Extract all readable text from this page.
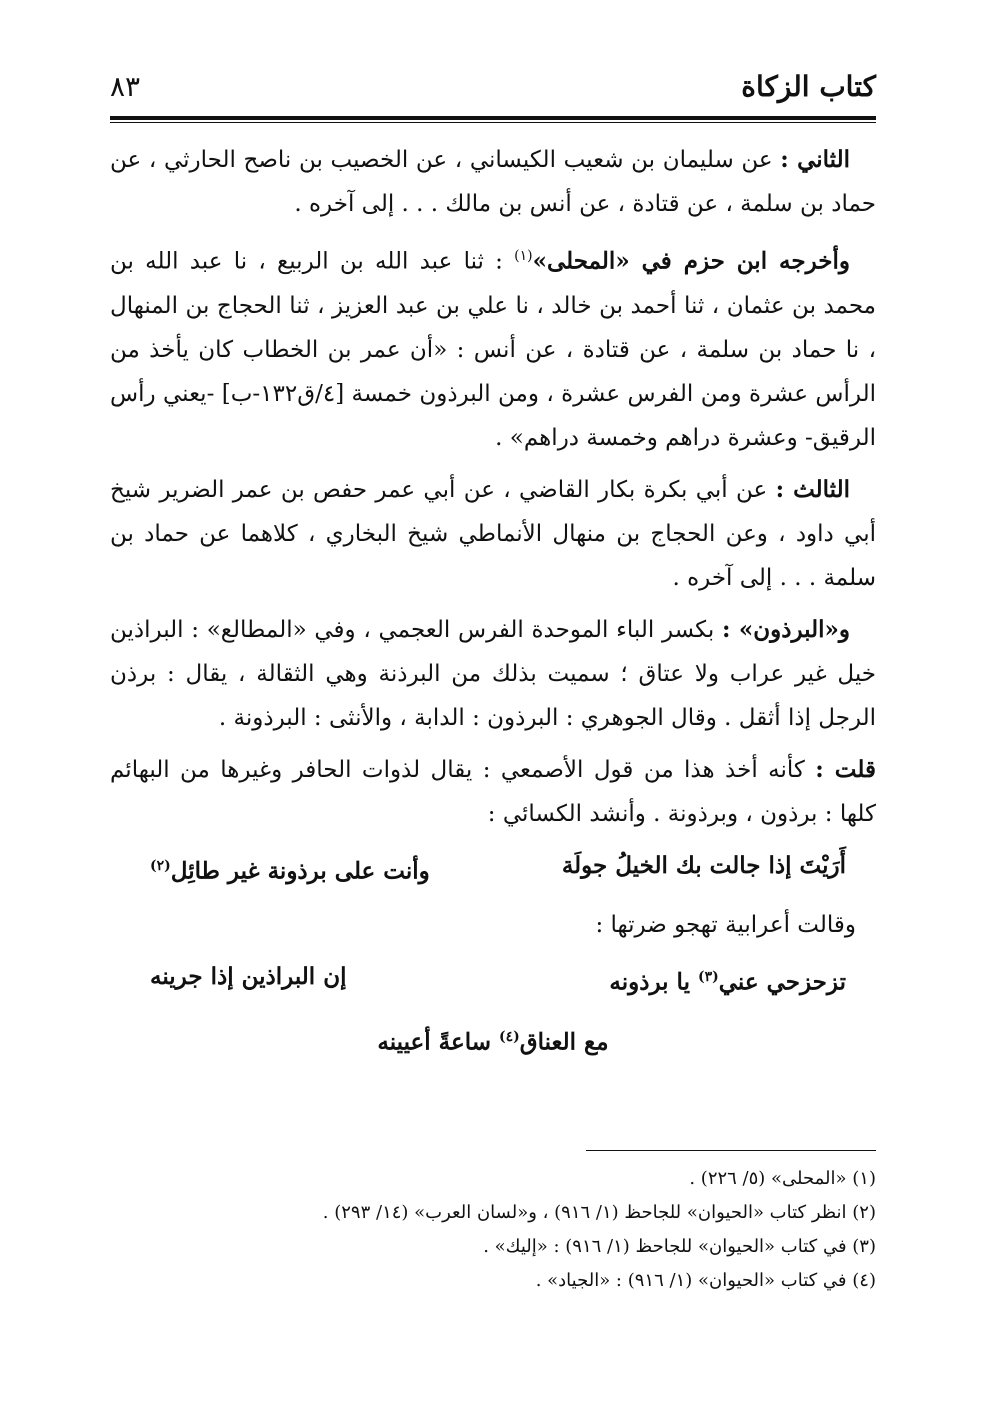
كتاب الزكاة
٨٣

الثاني : عن سليمان بن شعيب الكيساني ، عن الخصيب بن ناصح الحارثي ، عن حماد بن سلمة ، عن قتادة ، عن أنس بن مالك . . . إلى آخره .

وأخرجه ابن حزم في «المحلى»$^{(١)}$ : ثنا عبد الله بن الربيع ، نا عبد الله بن محمد بن عثمان ، ثنا أحمد بن خالد ، نا علي بن عبد العزيز ، ثنا الحجاج بن المنهال ، نا حماد بن سلمة ، عن قتادة ، عن أنس : «أن عمر بن الخطاب كان يأخذ من الرأس عشرة ومن الفرس عشرة ، ومن البرذون خمسة [٤/ق١٣٢-ب] -يعني رأس الرقيق- وعشرة دراهم وخمسة دراهم» .

الثالث : عن أبي بكرة بكار القاضي ، عن أبي عمر حفص بن عمر الضرير شيخ أبي داود ، وعن الحجاج بن منهال الأنماطي شيخ البخاري ، كلاهما عن حماد بن سلمة . . . إلى آخره .

و«البرذون» : بكسر الباء الموحدة الفرس العجمي ، وفي «المطالع» : البراذين خيل غير عراب ولا عتاق ؛ سميت بذلك من البرذنة وهي الثقالة ، يقال : برذن الرجل إذا أثقل . وقال الجوهري : البرذون : الدابة ، والأنثى : البرذونة .

قلت : كأنه أخذ هذا من قول الأصمعي : يقال لذوات الحافر وغيرها من البهائم كلها : برذون ، وبرذونة . وأنشد الكسائي :

أَرَيْتَ إذا جالت بك الخيلُ جولَة
وأنت على برذونة غير طائِل$^{(٢)}$

وقالت أعرابية تهجو ضرتها :

تزحزحي عني$^{(٣)}$ يا برذونه
إن البراذين إذا جرينه
مع العناق$^{(٤)}$ ساعةً أعيينه
(١) «المحلى» (٥/ ٢٢٦) .
(٢) انظر كتاب «الحيوان» للجاحظ (١/ ٩١٦) ، و«لسان العرب» (١٤/ ٢٩٣) .
(٣) في كتاب «الحيوان» للجاحظ (١/ ٩١٦) : «إليك» .
(٤) في كتاب «الحيوان» (١/ ٩١٦) : «الجياد» .
